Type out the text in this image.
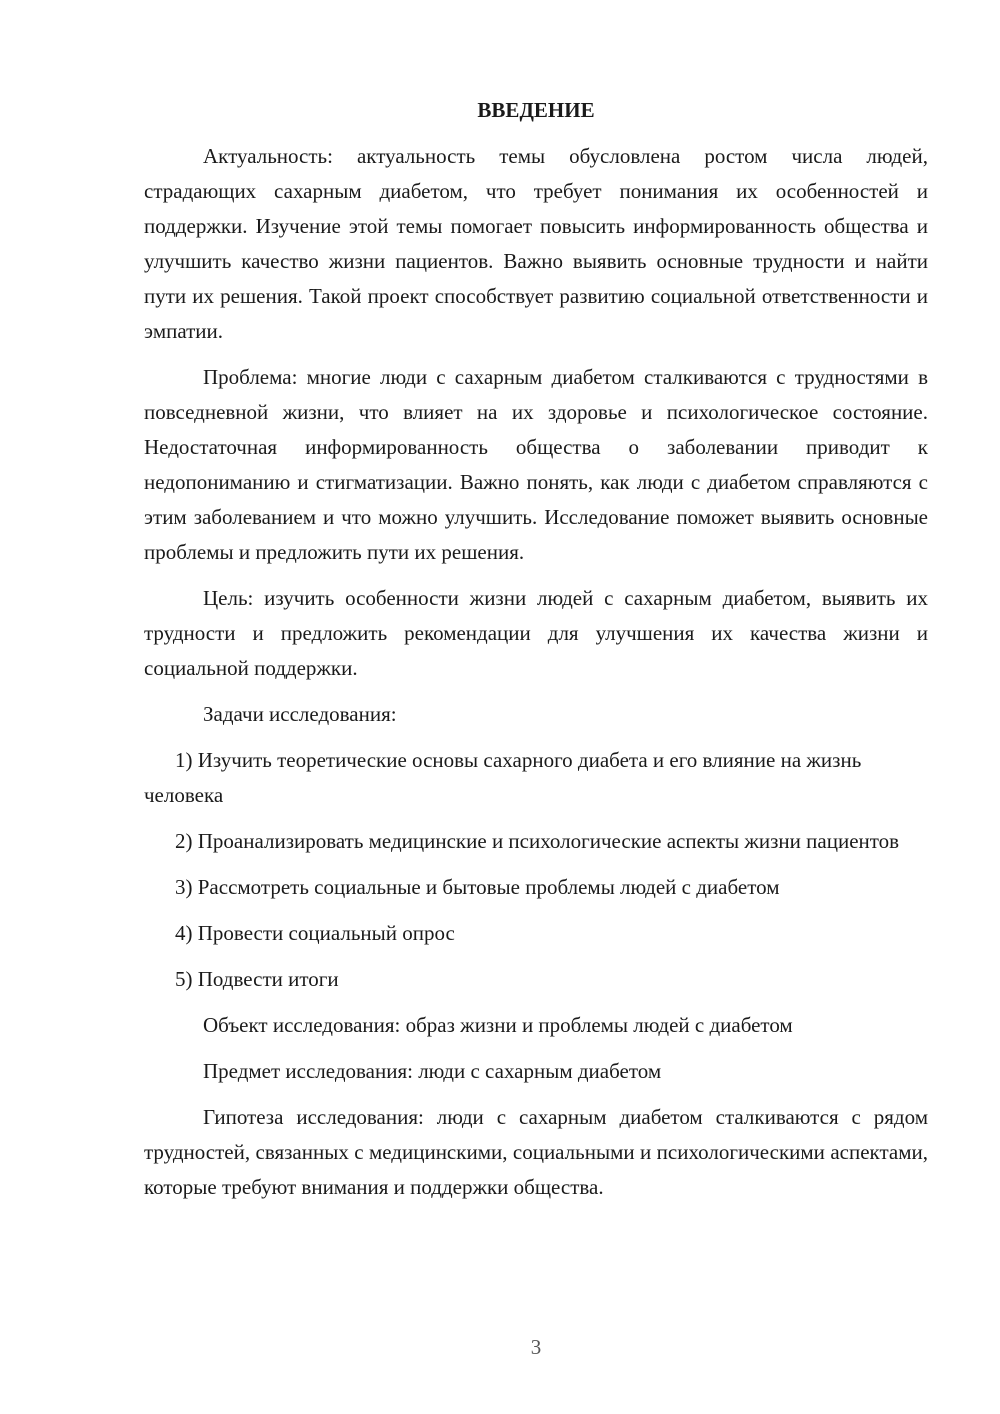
ВВЕДЕНИЕ

Актуальность: актуальность темы обусловлена ростом числа людей, страдающих сахарным диабетом, что требует понимания их особенностей и поддержки. Изучение этой темы помогает повысить информированность общества и улучшить качество жизни пациентов. Важно выявить основные трудности и найти пути их решения. Такой проект способствует развитию социальной ответственности и эмпатии.

Проблема: многие люди с сахарным диабетом сталкиваются с трудностями в повседневной жизни, что влияет на их здоровье и психологическое состояние. Недостаточная информированность общества о заболевании приводит к недопониманию и стигматизации. Важно понять, как люди с диабетом справляются с этим заболеванием и что можно улучшить. Исследование поможет выявить основные проблемы и предложить пути их решения.

Цель: изучить особенности жизни людей с сахарным диабетом, выявить их трудности и предложить рекомендации для улучшения их качества жизни и социальной поддержки.

Задачи исследования:

1) Изучить теоретические основы сахарного диабета и его влияние на жизнь человека

2) Проанализировать медицинские и психологические аспекты жизни пациентов

3) Рассмотреть социальные и бытовые проблемы людей с диабетом

4) Провести социальный опрос

5) Подвести итоги

Объект исследования: образ жизни и проблемы людей с диабетом

Предмет исследования: люди с сахарным диабетом

Гипотеза исследования: люди с сахарным диабетом сталкиваются с рядом трудностей, связанных с медицинскими, социальными и психологическими аспектами, которые требуют внимания и поддержки общества.

3
